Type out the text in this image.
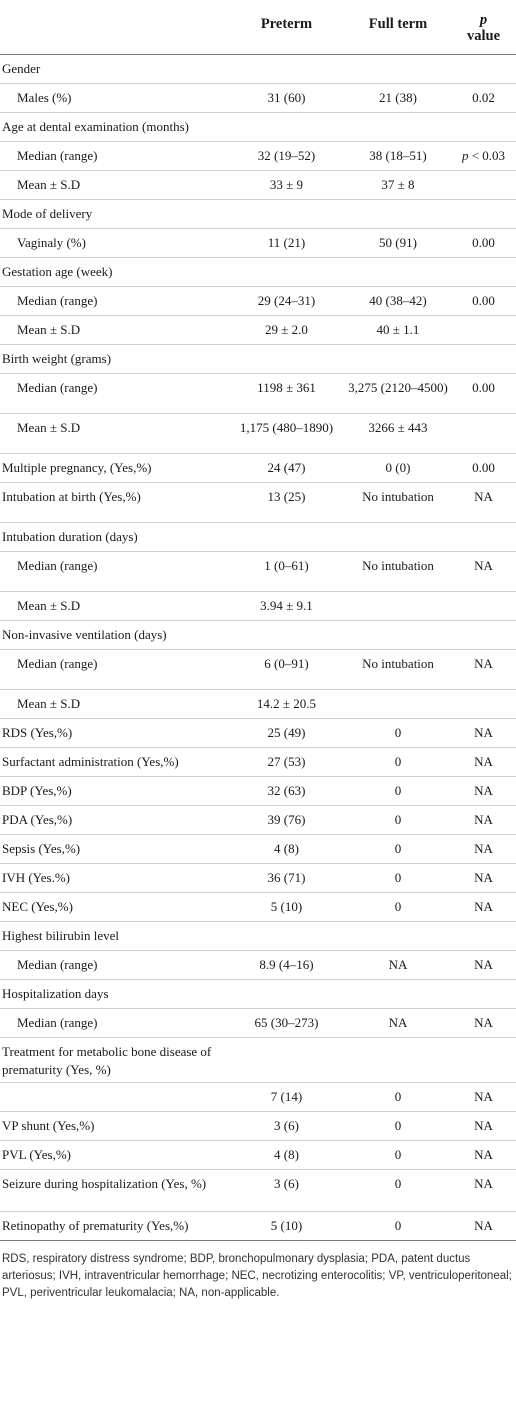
	Preterm	Full term	p
value

Gender			
Males (%)	31 (60)	21 (38)	0.02
Age at dental examination (months)			
Median (range)	32 (19–52)	38 (18–51)	p < 0.03
Mean ± S.D	33 ± 9	37 ± 8	
Mode of delivery			
Vaginaly (%)	11 (21)	50 (91)	0.00
Gestation age (week)			
Median (range)	29 (24–31)	40 (38–42)	0.00
Mean ± S.D	29 ± 2.0	40 ± 1.1	
Birth weight (grams)			
Median (range)	1198 ± 361	3,275 (2120–4500)	0.00
Mean ± S.D	1,175 (480–1890)	3266 ± 443	
Multiple pregnancy, (Yes,%)	24 (47)	0 (0)	0.00
Intubation at birth (Yes,%)	13 (25)	No intubation	NA
Intubation duration (days)			
Median (range)	1 (0–61)	No intubation	NA
Mean ± S.D	3.94 ± 9.1		
Non-invasive ventilation (days)			
Median (range)	6 (0–91)	No intubation	NA
Mean ± S.D	14.2 ± 20.5		
RDS (Yes,%)	25 (49)	0	NA
Surfactant administration (Yes,%)	27 (53)	0	NA
BDP (Yes,%)	32 (63)	0	NA
PDA (Yes,%)	39 (76)	0	NA
Sepsis (Yes,%)	4 (8)	0	NA
IVH (Yes.%)	36 (71)	0	NA
NEC (Yes,%)	5 (10)	0	NA
Highest bilirubin level			
Median (range)	8.9 (4–16)	NA	NA
Hospitalization days			
Median (range)	65 (30–273)	NA	NA
Treatment for metabolic bone disease of prematurity (Yes, %)			
	7 (14)	0	NA
VP shunt (Yes,%)	3 (6)	0	NA
PVL (Yes,%)	4 (8)	0	NA
Seizure during hospitalization (Yes, %)	3 (6)	0	NA
Retinopathy of prematurity (Yes,%)	5 (10)	0	NA
RDS, respiratory distress syndrome; BDP, bronchopulmonary dysplasia; PDA, patent ductus arteriosus; IVH, intraventricular hemorrhage; NEC, necrotizing enterocolitis; VP, ventriculoperitoneal; PVL, periventricular leukomalacia; NA, non-applicable.
